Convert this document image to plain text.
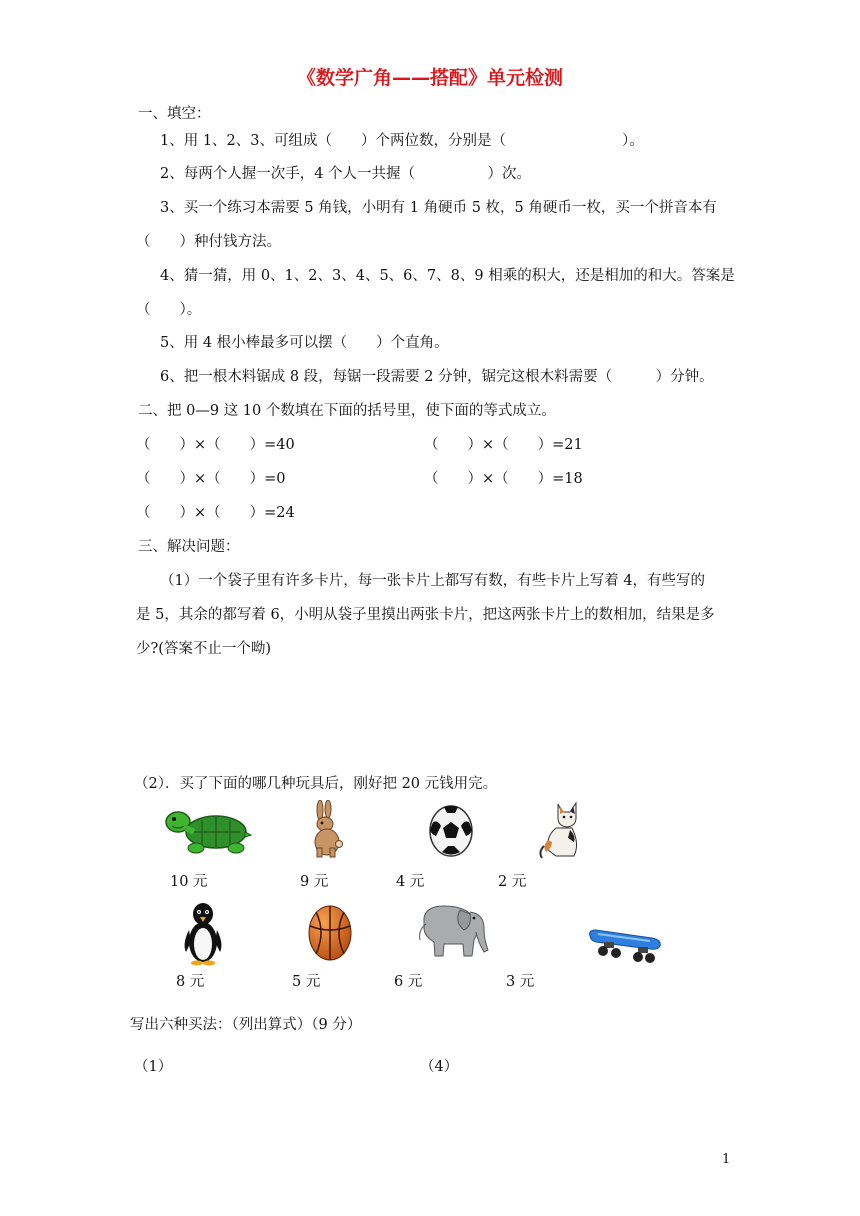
《数学广角——搭配》单元检测
一、填空：
1、用 1、2、3、可组成（　　）个两位数，分别是（　　　　　　　　）。
2、每两个人握一次手，4 个人一共握（　　　　　）次。
3、买一个练习本需要 5 角钱，小明有 1 角硬币 5 枚，5 角硬币一枚，买一个拼音本有
（　　）种付钱方法。
4、猜一猜，用 0、1、2、3、4、5、6、7、8、9 相乘的积大，还是相加的和大。答案是
（　　）。
5、用 4 根小棒最多可以摆（　　）个直角。
6、把一根木料锯成 8 段，每锯一段需要 2 分钟，锯完这根木料需要（　　　）分钟。
二、把 0—9 这 10 个数填在下面的括号里，使下面的等式成立。
（　　）×（　　）=40	（　　）×（　　）=21
（　　）×（　　）=0	（　　）×（　　）=18
（　　）×（　　）=24
三、解决问题：
（1）一个袋子里有许多卡片，每一张卡片上都写有数，有些卡片上写着 4，有些写的
是 5，其余的都写着 6，小明从袋子里摸出两张卡片，把这两张卡片上的数相加，结果是多
少?(答案不止一个呦)
（2）．买了下面的哪几种玩具后，刚好把 20 元钱用完。
10 元	9 元	4 元	2 元
8 元	5 元	6 元	3 元
写出六种买法：（列出算式）（9 分）
（1）	（4）
1
